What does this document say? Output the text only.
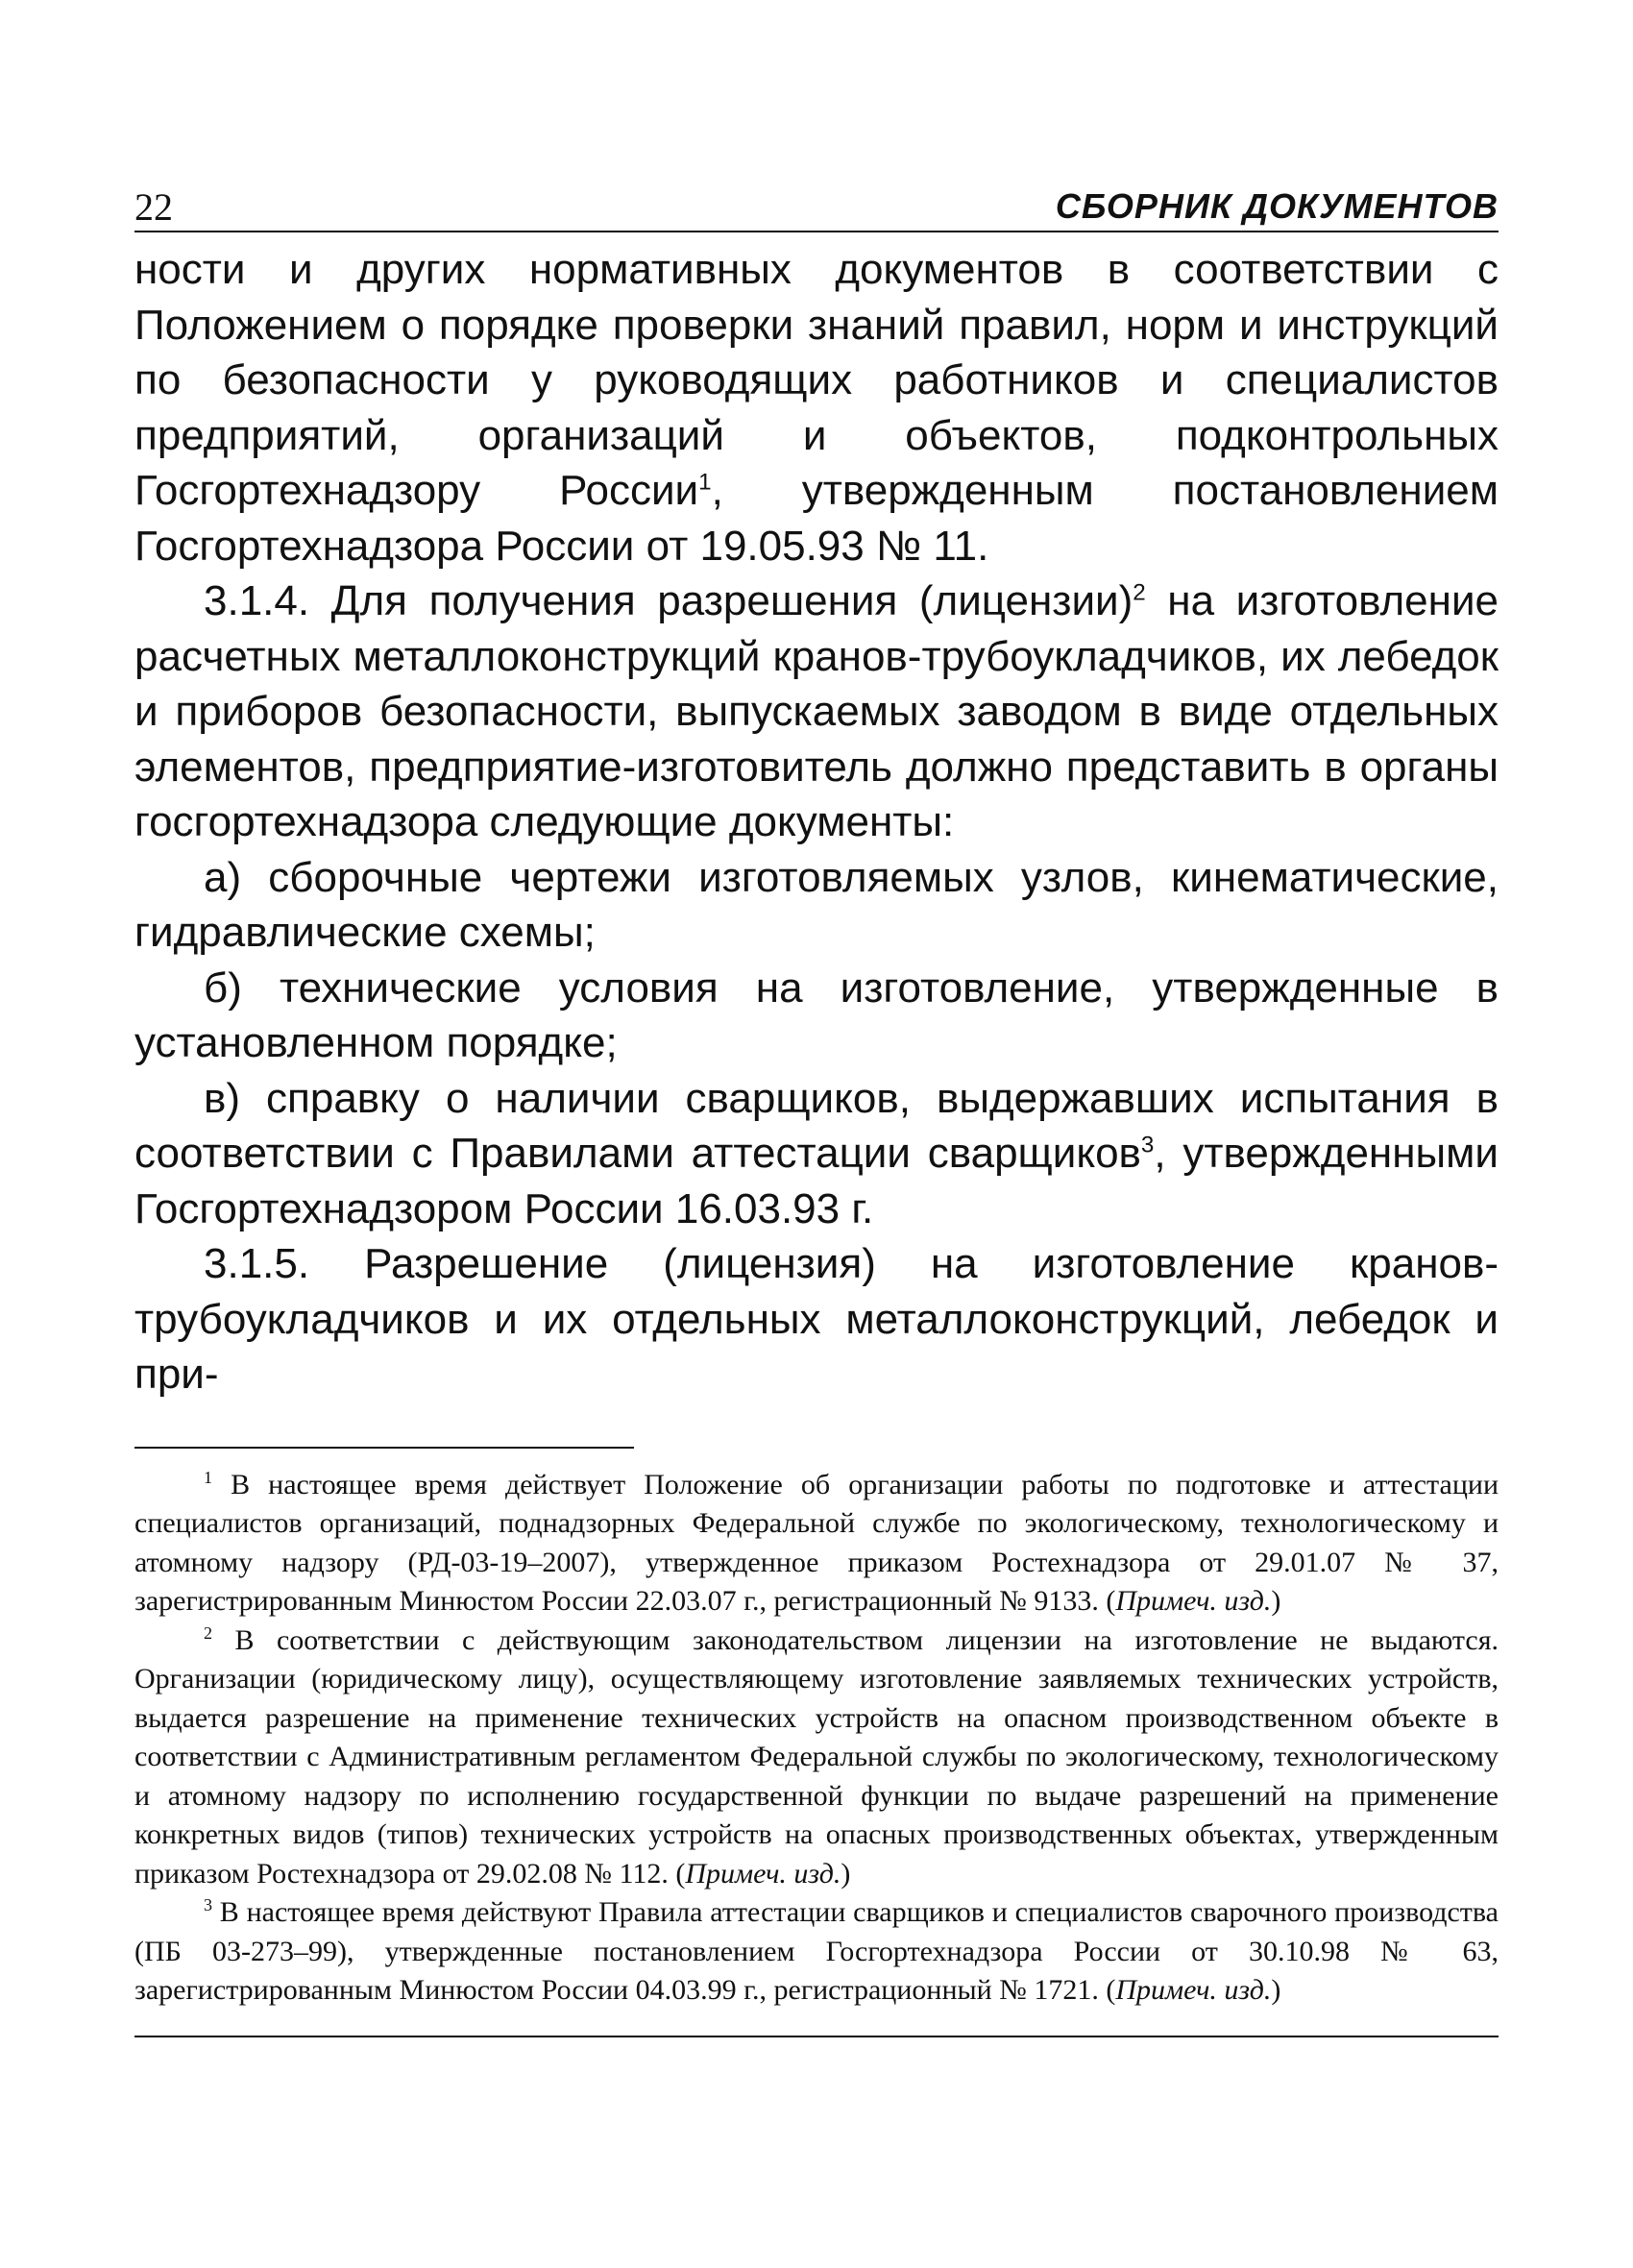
22	СБОРНИК ДОКУМЕНТОВ

ности и других нормативных документов в соответствии с Положением о порядке проверки знаний правил, норм и инструкций по безопасности у руководящих работников и специалистов предприятий, организаций и объектов, подконтрольных Госгортехнадзору России$^1$, утвержденным постановлением Госгортехнадзора России от 19.05.93 № 11.

3.1.4. Для получения разрешения (лицензии)$^2$ на изготовление расчетных металлоконструкций кранов-трубоукладчиков, их лебедок и приборов безопасности, выпускаемых заводом в виде отдельных элементов, предприятие-изготовитель должно представить в органы госгортехнадзора следующие документы:

а) сборочные чертежи изготовляемых узлов, кинематические, гидравлические схемы;

б) технические условия на изготовление, утвержденные в установленном порядке;

в) справку о наличии сварщиков, выдержавших испытания в соответствии с Правилами аттестации сварщиков$^3$, утвержденными Госгортехнадзором России 16.03.93 г.

3.1.5. Разрешение (лицензия) на изготовление кранов-трубоукладчиков и их отдельных металлоконструкций, лебедок и при-

$^1$ В настоящее время действует Положение об организации работы по подготовке и аттестации специалистов организаций, поднадзорных Федеральной службе по экологическому, технологическому и атомному надзору (РД-03-19–2007), утвержденное приказом Ростехнадзора от 29.01.07 № 37, зарегистрированным Минюстом России 22.03.07 г., регистрационный № 9133. (Примеч. изд.)

$^2$ В соответствии с действующим законодательством лицензии на изготовление не выдаются. Организации (юридическому лицу), осуществляющему изготовление заявляемых технических устройств, выдается разрешение на применение технических устройств на опасном производственном объекте в соответствии с Административным регламентом Федеральной службы по экологическому, технологическому и атомному надзору по исполнению государственной функции по выдаче разрешений на применение конкретных видов (типов) технических устройств на опасных производственных объектах, утвержденным приказом Ростехнадзора от 29.02.08 № 112. (Примеч. изд.)

$^3$ В настоящее время действуют Правила аттестации сварщиков и специалистов сварочного производства (ПБ 03-273–99), утвержденные постановлением Госгортехнадзора России от 30.10.98 № 63, зарегистрированным Минюстом России 04.03.99 г., регистрационный № 1721. (Примеч. изд.)
